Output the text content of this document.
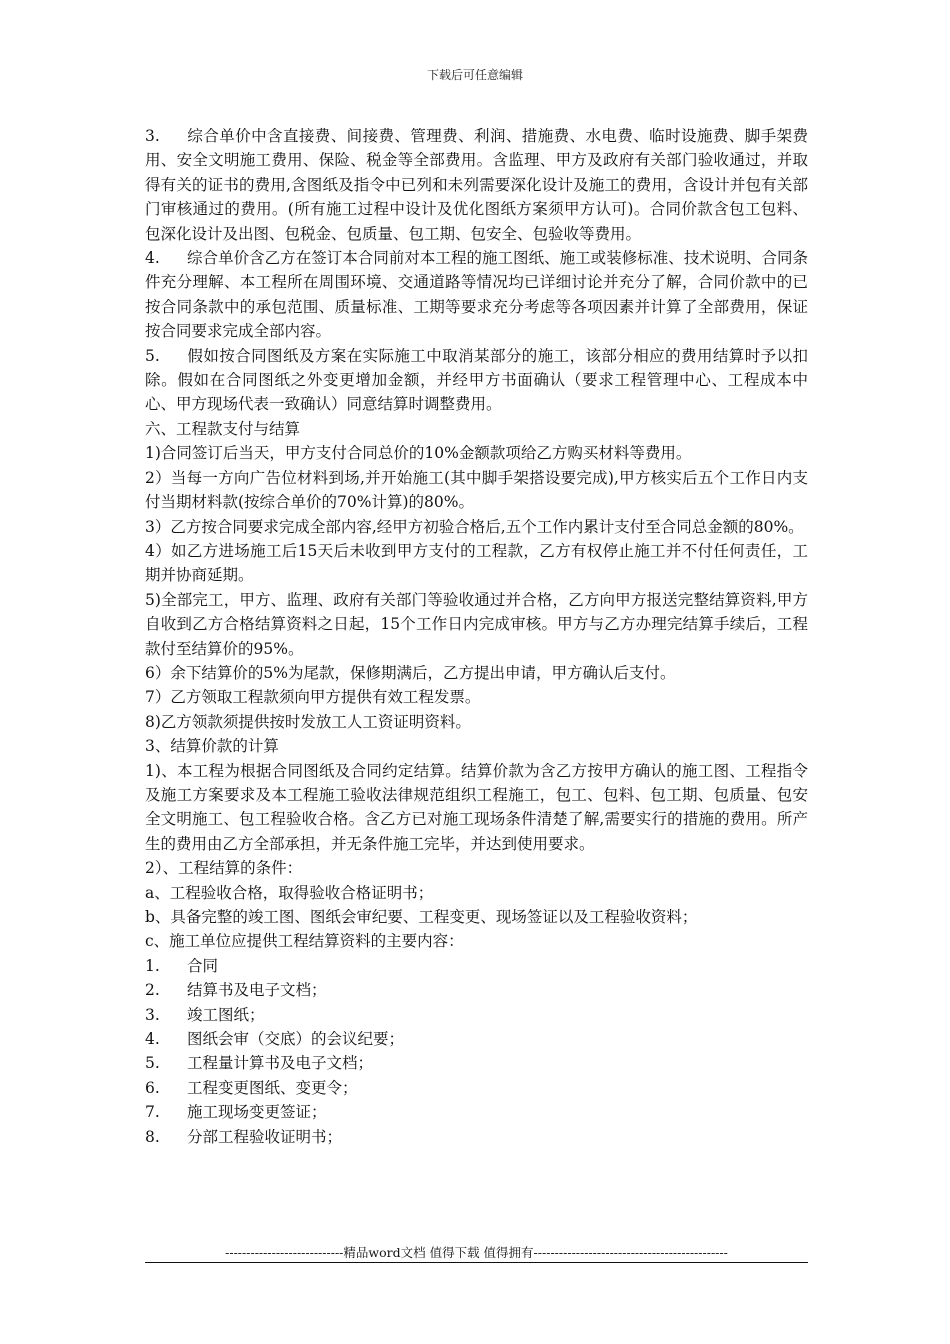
下载后可任意编辑

3. 综合单价中含直接费、间接费、管理费、利润、措施费、水电费、临时设施费、脚手架费用、安全文明施工费用、保险、税金等全部费用。含监理、甲方及政府有关部门验收通过，并取得有关的证书的费用,含图纸及指令中已列和未列需要深化设计及施工的费用，含设计并包有关部门审核通过的费用。(所有施工过程中设计及优化图纸方案须甲方认可)。合同价款含包工包料、包深化设计及出图、包税金、包质量、包工期、包安全、包验收等费用。

4. 综合单价含乙方在签订本合同前对本工程的施工图纸、施工或装修标准、技术说明、合同条件充分理解、本工程所在周围环境、交通道路等情况均已详细讨论并充分了解，合同价款中的已按合同条款中的承包范围、质量标准、工期等要求充分考虑等各项因素并计算了全部费用，保证按合同要求完成全部内容。

5. 假如按合同图纸及方案在实际施工中取消某部分的施工，该部分相应的费用结算时予以扣除。假如在合同图纸之外变更增加金额，并经甲方书面确认（要求工程管理中心、工程成本中心、甲方现场代表一致确认）同意结算时调整费用。

六、工程款支付与结算

1)合同签订后当天，甲方支付合同总价的10%金额款项给乙方购买材料等费用。

2）当每一方向广告位材料到场,并开始施工(其中脚手架搭设要完成),甲方核实后五个工作日内支付当期材料款(按综合单价的70%计算)的80%。

3）乙方按合同要求完成全部内容,经甲方初验合格后,五个工作内累计支付至合同总金额的80%。

4）如乙方进场施工后15天后未收到甲方支付的工程款，乙方有权停止施工并不付任何责任，工期并协商延期。

5)全部完工，甲方、监理、政府有关部门等验收通过并合格，乙方向甲方报送完整结算资料,甲方自收到乙方合格结算资料之日起，15个工作日内完成审核。甲方与乙方办理完结算手续后，工程款付至结算价的95%。

6）余下结算价的5%为尾款，保修期满后，乙方提出申请，甲方确认后支付。

7）乙方领取工程款须向甲方提供有效工程发票。

8)乙方领款须提供按时发放工人工资证明资料。

3、结算价款的计算

1)、本工程为根据合同图纸及合同约定结算。结算价款为含乙方按甲方确认的施工图、工程指令及施工方案要求及本工程施工验收法律规范组织工程施工，包工、包料、包工期、包质量、包安全文明施工、包工程验收合格。含乙方已对施工现场条件清楚了解,需要实行的措施的费用。所产生的费用由乙方全部承担，并无条件施工完毕，并达到使用要求。

2）、工程结算的条件：

a、工程验收合格，取得验收合格证明书；

b、具备完整的竣工图、图纸会审纪要、工程变更、现场签证以及工程验收资料；

c、施工单位应提供工程结算资料的主要内容：

1.	合同

2.	结算书及电子文档；

3.	竣工图纸；

4.	图纸会审（交底）的会议纪要；

5.	工程量计算书及电子文档；

6.	工程变更图纸、变更令；

7.	施工现场变更签证；

8.	分部工程验收证明书；

----------------------------精品word文档 值得下载 值得拥有----------------------------------------------
